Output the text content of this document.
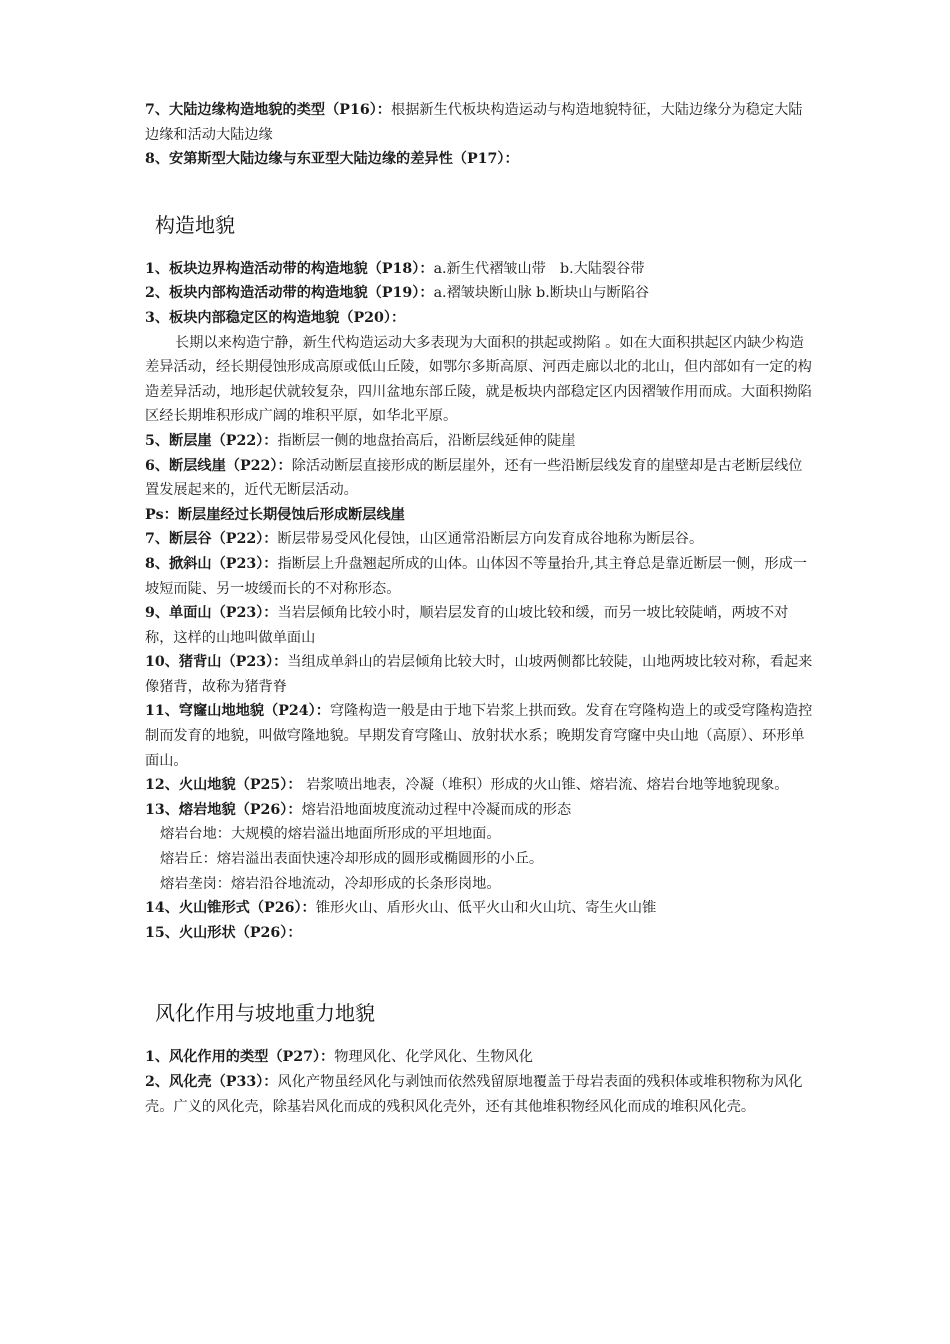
7、大陆边缘构造地貌的类型（P16）：根据新生代板块构造运动与构造地貌特征，大陆边缘分为稳定大陆边缘和活动大陆边缘

8、安第斯型大陆边缘与东亚型大陆边缘的差异性（P17）：

构造地貌

1、板块边界构造活动带的构造地貌（P18）：a.新生代褶皱山带　b.大陆裂谷带

2、板块内部构造活动带的构造地貌（P19）：a.褶皱块断山脉 b.断块山与断陷谷

3、板块内部稳定区的构造地貌（P20）：

长期以来构造宁静，新生代构造运动大多表现为大面积的拱起或拗陷 。如在大面积拱起区内缺少构造差异活动，经长期侵蚀形成高原或低山丘陵，如鄂尔多斯高原、河西走廊以北的北山，但内部如有一定的构造差异活动，地形起伏就较复杂，四川盆地东部丘陵，就是板块内部稳定区内因褶皱作用而成。大面积拗陷区经长期堆积形成广阔的堆积平原，如华北平原。

5、断层崖（P22）：指断层一侧的地盘抬高后，沿断层线延伸的陡崖

6、断层线崖（P22）：除活动断层直接形成的断层崖外，还有一些沿断层线发育的崖壁却是古老断层线位置发展起来的，近代无断层活动。

Ps：断层崖经过长期侵蚀后形成断层线崖

7、断层谷（P22）：断层带易受风化侵蚀，山区通常沿断层方向发育成谷地称为断层谷。

8、掀斜山（P23）：指断层上升盘翘起所成的山体。山体因不等量抬升,其主脊总是靠近断层一侧，形成一坡短而陡、另一坡缓而长的不对称形态。

9、单面山（P23）：当岩层倾角比较小时，顺岩层发育的山坡比较和缓，而另一坡比较陡峭，两坡不对称，这样的山地叫做单面山

10、猪背山（P23）：当组成单斜山的岩层倾角比较大时，山坡两侧都比较陡，山地两坡比较对称，看起来像猪背，故称为猪背脊

11、穹窿山地地貌（P24）：穹隆构造一般是由于地下岩浆上拱而致。发育在穹隆构造上的或受穹隆构造控制而发育的地貌，叫做穹隆地貌。早期发育穹隆山、放射状水系；晚期发育穹窿中央山地（高原）、环形单面山。

12、火山地貌（P25）： 岩浆喷出地表，冷凝（堆积）形成的火山锥、熔岩流、熔岩台地等地貌现象。

13、熔岩地貌（P26）：熔岩沿地面坡度流动过程中冷凝而成的形态

熔岩台地：大规模的熔岩溢出地面所形成的平坦地面。

熔岩丘：熔岩溢出表面快速冷却形成的圆形或椭圆形的小丘。

熔岩垄岗：熔岩沿谷地流动，冷却形成的长条形岗地。

14、火山锥形式（P26）：锥形火山、盾形火山、低平火山和火山坑、寄生火山锥

15、火山形状（P26）：

风化作用与坡地重力地貌

1、风化作用的类型（P27）：物理风化、化学风化、生物风化

2、风化壳（P33）：风化产物虽经风化与剥蚀而依然残留原地覆盖于母岩表面的残积体或堆积物称为风化壳。广义的风化壳，除基岩风化而成的残积风化壳外，还有其他堆积物经风化而成的堆积风化壳。
